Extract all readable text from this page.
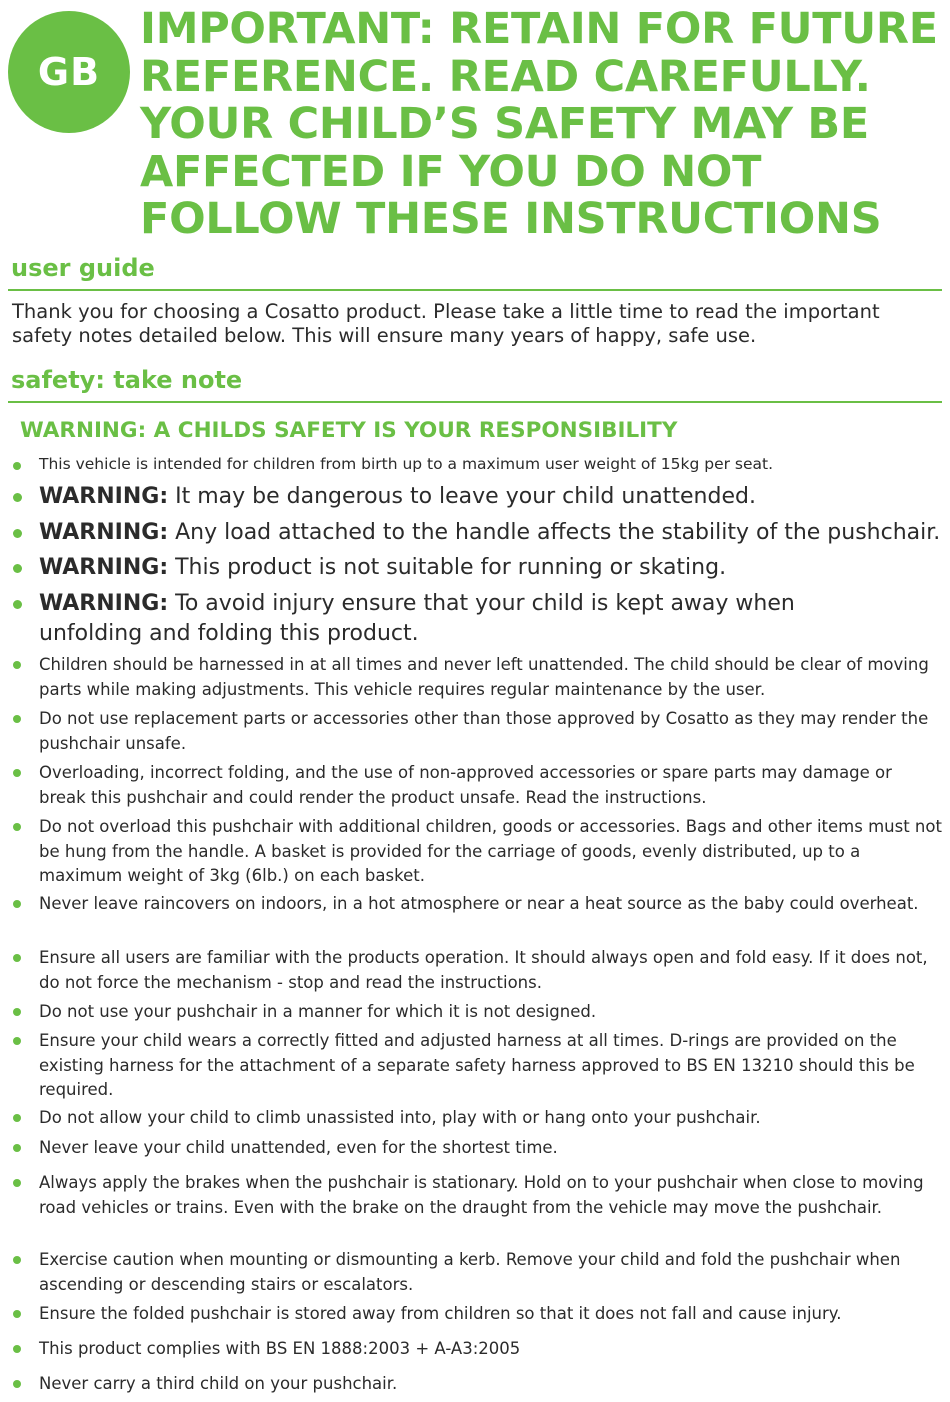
GB
IMPORTANT: RETAIN FOR FUTURE
REFERENCE. READ CAREFULLY.
YOUR CHILD’S SAFETY MAY BE
AFFECTED IF YOU DO NOT
FOLLOW THESE INSTRUCTIONS
user guide
Thank you for choosing a Cosatto product. Please take a little time to read the important safety notes detailed below. This will ensure many years of happy, safe use.
safety: take note
WARNING: A CHILDS SAFETY IS YOUR RESPONSIBILITY
This vehicle is intended for children from birth up to a maximum user weight of 15kg per seat.
WARNING: It may be dangerous to leave your child unattended.
WARNING: Any load attached to the handle affects the stability of the pushchair.
WARNING: This product is not suitable for running or skating.
WARNING: To avoid injury ensure that your child is kept away when unfolding and folding this product.
Children should be harnessed in at all times and never left unattended. The child should be clear of moving parts while making adjustments. This vehicle requires regular maintenance by the user.
Do not use replacement parts or accessories other than those approved by Cosatto as they may render the pushchair unsafe.
Overloading, incorrect folding, and the use of non-approved accessories or spare parts may damage or break this pushchair and could render the product unsafe. Read the instructions.
Do not overload this pushchair with additional children, goods or accessories. Bags and other items must not be hung from the handle. A basket is provided for the carriage of goods, evenly distributed, up to a maximum weight of 3kg (6lb.) on each basket.
Never leave raincovers on indoors, in a hot atmosphere or near a heat source as the baby could overheat.
Ensure all users are familiar with the products operation. It should always open and fold easy. If it does not, do not force the mechanism - stop and read the instructions.
Do not use your pushchair in a manner for which it is not designed.
Ensure your child wears a correctly fitted and adjusted harness at all times. D-rings are provided on the existing harness for the attachment of a separate safety harness approved to BS EN 13210 should this be required.
Do not allow your child to climb unassisted into, play with or hang onto your pushchair.
Never leave your child unattended, even for the shortest time.
Always apply the brakes when the pushchair is stationary. Hold on to your pushchair when close to moving road vehicles or trains. Even with the brake on the draught from the vehicle may move the pushchair.
Exercise caution when mounting or dismounting a kerb. Remove your child and fold the pushchair when ascending or descending stairs or escalators.
Ensure the folded pushchair is stored away from children so that it does not fall and cause injury.
This product complies with BS EN 1888:2003 + A-A3:2005
Never carry a third child on your pushchair.
